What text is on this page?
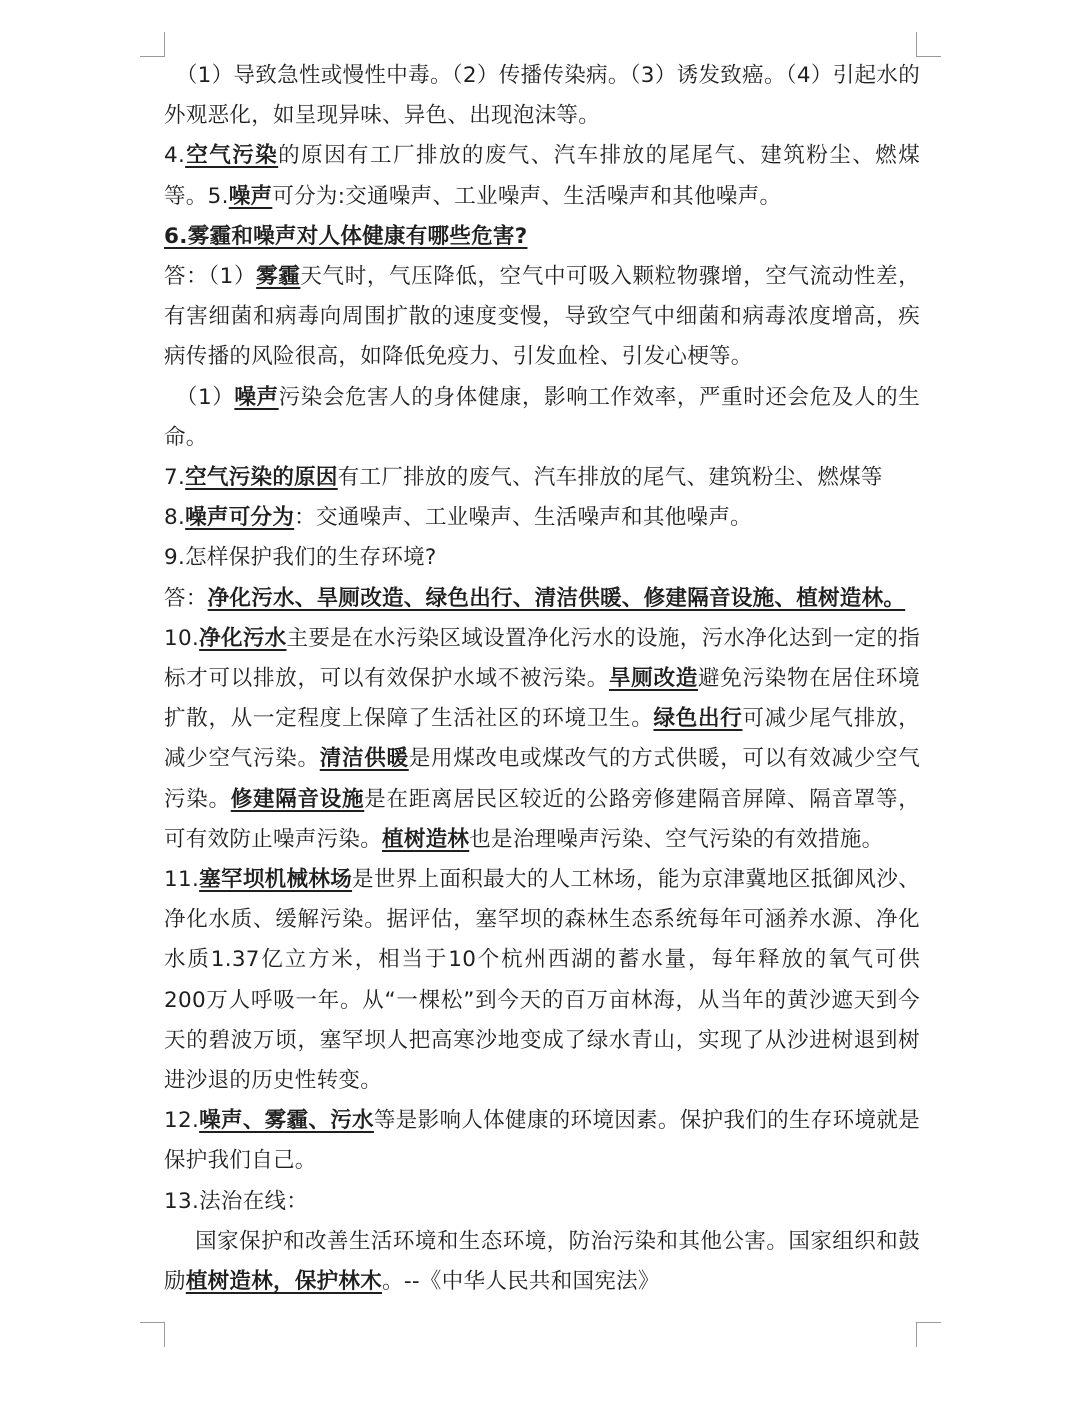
（1）导致急性或慢性中毒。（2）传播传染病。（3）诱发致癌。（4）引起水的外观恶化，如呈现异味、异色、出现泡沫等。

4.空气污染的原因有工厂排放的废气、汽车排放的尾尾气、建筑粉尘、燃煤等。5.噪声可分为:交通噪声、工业噪声、生活噪声和其他噪声。

6.雾霾和噪声对人体健康有哪些危害?

答：（1）雾霾天气时，气压降低，空气中可吸入颗粒物骤增，空气流动性差，有害细菌和病毒向周围扩散的速度变慢，导致空气中细菌和病毒浓度增高，疾病传播的风险很高，如降低免疫力、引发血栓、引发心梗等。

（1）噪声污染会危害人的身体健康，影响工作效率，严重时还会危及人的生命。

7.空气污染的原因有工厂排放的废气、汽车排放的尾气、建筑粉尘、燃煤等

8.噪声可分为：交通噪声、工业噪声、生活噪声和其他噪声。

9.怎样保护我们的生存环境?

答：净化污水、旱厕改造、绿色出行、清洁供暖、修建隔音设施、植树造林。

10.净化污水主要是在水污染区域设置净化污水的设施，污水净化达到一定的指标才可以排放，可以有效保护水域不被污染。旱厕改造避免污染物在居住环境扩散，从一定程度上保障了生活社区的环境卫生。绿色出行可减少尾气排放，减少空气污染。清洁供暖是用煤改电或煤改气的方式供暖，可以有效减少空气污染。修建隔音设施是在距离居民区较近的公路旁修建隔音屏障、隔音罩等，可有效防止噪声污染。植树造林也是治理噪声污染、空气污染的有效措施。

11.塞罕坝机械林场是世界上面积最大的人工林场，能为京津冀地区抵御风沙、净化水质、缓解污染。据评估，塞罕坝的森林生态系统每年可涵养水源、净化水质1.37亿立方米，相当于10个杭州西湖的蓄水量，每年释放的氧气可供　200万人呼吸一年。从“一棵松”到今天的百万亩林海，从当年的黄沙遮天到今天的碧波万顷，塞罕坝人把高寒沙地变成了绿水青山，实现了从沙进树退到树进沙退的历史性转变。

12.噪声、雾霾、污水等是影响人体健康的环境因素。保护我们的生存环境就是保护我们自己。

13.法治在线：

国家保护和改善生活环境和生态环境，防治污染和其他公害。国家组织和鼓励植树造林，保护林木。--《中华人民共和国宪法》
